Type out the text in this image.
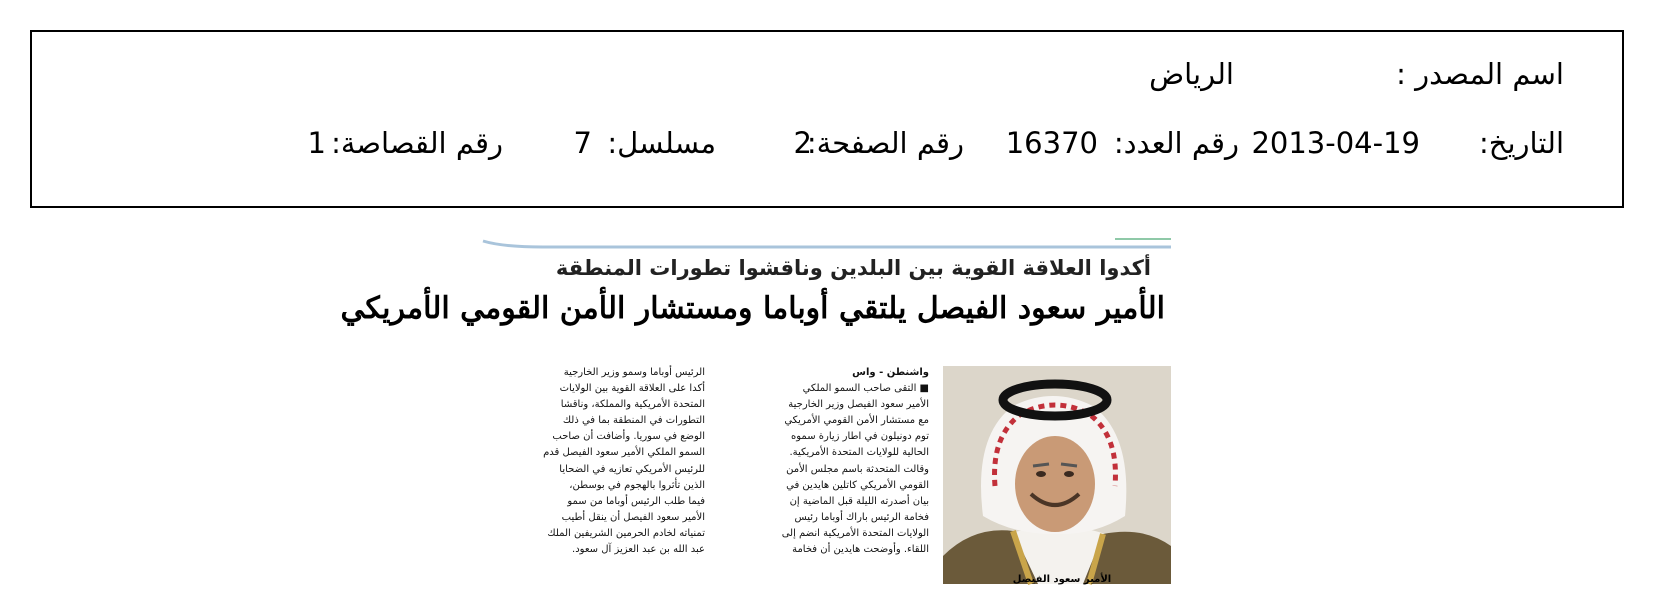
اسم المصدر :
الرياض
التاريخ:
2013-04-19
رقم العدد:
16370
رقم الصفحة:
2
مسلسل:
7
رقم القصاصة:
1
أكدوا العلاقة القوية بين البلدين وناقشوا تطورات المنطقة
الأمير سعود الفيصل يلتقي أوباما ومستشار الأمن القومي الأمريكي
الأمير سعود الفيصل
واشنطن - واس
■ التقى صاحب السمو الملكي
الأمير سعود الفيصل وزير الخارجية
مع مستشار الأمن القومي الأمريكي
توم دونيلون في اطار زيارة سموه
الحالية للولايات المتحدة الأمريكية.
وقالت المتحدثة باسم مجلس الأمن
القومي الأمريكي كاتلين هايدين في
بيان أصدرته الليلة قبل الماضية إن
فخامة الرئيس باراك أوباما رئيس
الولايات المتحدة الأمريكية انضم إلى
اللقاء. وأوضحت هايدين أن فخامة
الرئيس أوباما وسمو وزير الخارجية
أكدا على العلاقة القوية بين الولايات
المتحدة الأمريكية والمملكة، وناقشا
التطورات في المنطقة بما في ذلك
الوضع في سوريا. وأضافت أن صاحب
السمو الملكي الأمير سعود الفيصل قدم
للرئيس الأمريكي تعازيه في الضحايا
الذين تأثروا بالهجوم في بوسطن،
فيما طلب الرئيس أوباما من سمو
الأمير سعود الفيصل أن ينقل أطيب
تمنياته لخادم الحرمين الشريفين الملك
عبد الله بن عبد العزيز آل سعود.
